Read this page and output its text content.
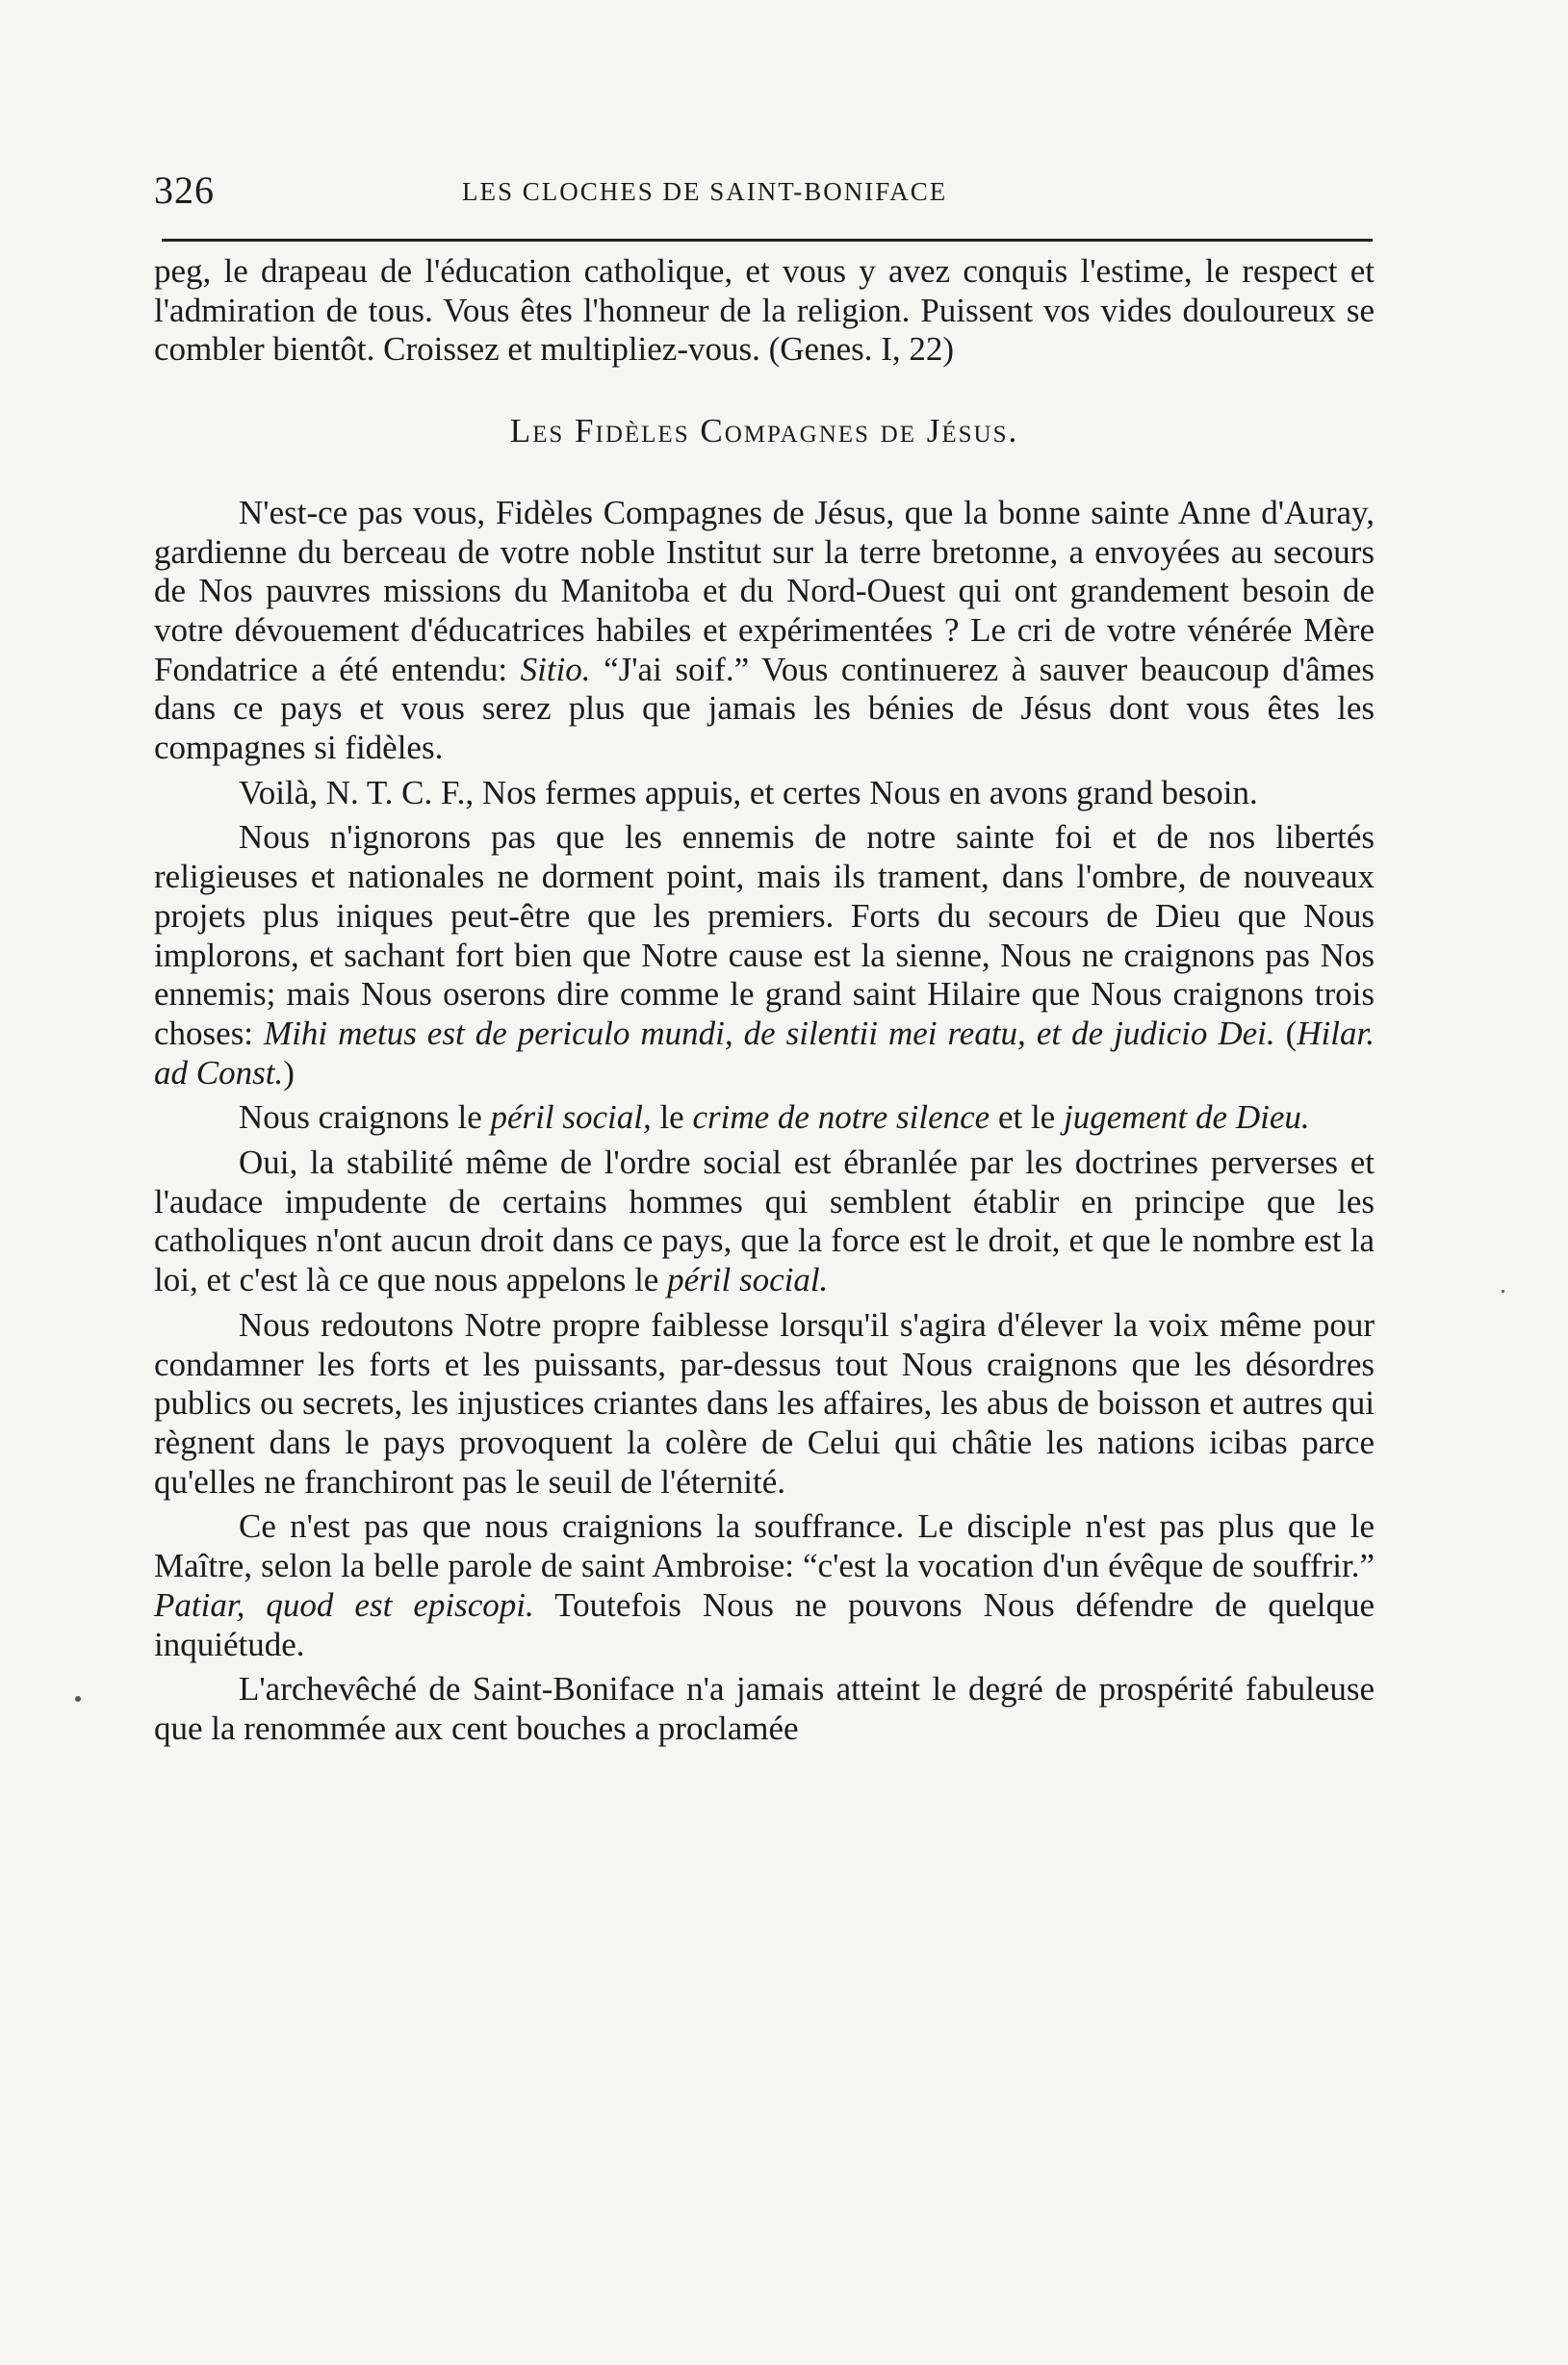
326	LES CLOCHES DE SAINT-BONIFACE

peg, le drapeau de l'éducation catholique, et vous y avez conquis l'estime, le respect et l'admiration de tous. Vous êtes l'honneur de la religion. Puissent vos vides douloureux se combler bientôt. Croissez et multipliez-vous. (Genes. I, 22)

Les Fidèles Compagnes de Jésus.

N'est-ce pas vous, Fidèles Compagnes de Jésus, que la bonne sainte Anne d'Auray, gardienne du berceau de votre noble Institut sur la terre bretonne, a envoyées au secours de Nos pauvres missions du Manitoba et du Nord-Ouest qui ont grandement besoin de votre dévouement d'éducatrices habiles et expérimentées ? Le cri de votre vénérée Mère Fondatrice a été entendu: Sitio. “J'ai soif.” Vous continuerez à sauver beaucoup d'âmes dans ce pays et vous serez plus que jamais les bénies de Jésus dont vous êtes les compagnes si fidèles.

Voilà, N. T. C. F., Nos fermes appuis, et certes Nous en avons grand besoin.

Nous n'ignorons pas que les ennemis de notre sainte foi et de nos libertés religieuses et nationales ne dorment point, mais ils trament, dans l'ombre, de nouveaux projets plus iniques peut-être que les premiers. Forts du secours de Dieu que Nous implorons, et sachant fort bien que Notre cause est la sienne, Nous ne craignons pas Nos ennemis; mais Nous oserons dire comme le grand saint Hilaire que Nous craignons trois choses: Mihi metus est de periculo mundi, de silentii mei reatu, et de judicio Dei. (Hilar. ad Const.)

Nous craignons le péril social, le crime de notre silence et le jugement de Dieu.

Oui, la stabilité même de l'ordre social est ébranlée par les doctrines perverses et l'audace impudente de certains hommes qui semblent établir en principe que les catholiques n'ont aucun droit dans ce pays, que la force est le droit, et que le nombre est la loi, et c'est là ce que nous appelons le péril social.

Nous redoutons Notre propre faiblesse lorsqu'il s'agira d'élever la voix même pour condamner les forts et les puissants, par-dessus tout Nous craignons que les désordres publics ou secrets, les injustices criantes dans les affaires, les abus de boisson et autres qui règnent dans le pays provoquent la colère de Celui qui châtie les nations icibas parce qu'elles ne franchiront pas le seuil de l'éternité.

Ce n'est pas que nous craignions la souffrance. Le disciple n'est pas plus que le Maître, selon la belle parole de saint Ambroise: “c'est la vocation d'un évêque de souffrir.” Patiar, quod est episcopi. Toutefois Nous ne pouvons Nous défendre de quelque inquiétude.

L'archevêché de Saint-Boniface n'a jamais atteint le degré de prospérité fabuleuse que la renommée aux cent bouches a proclamée
